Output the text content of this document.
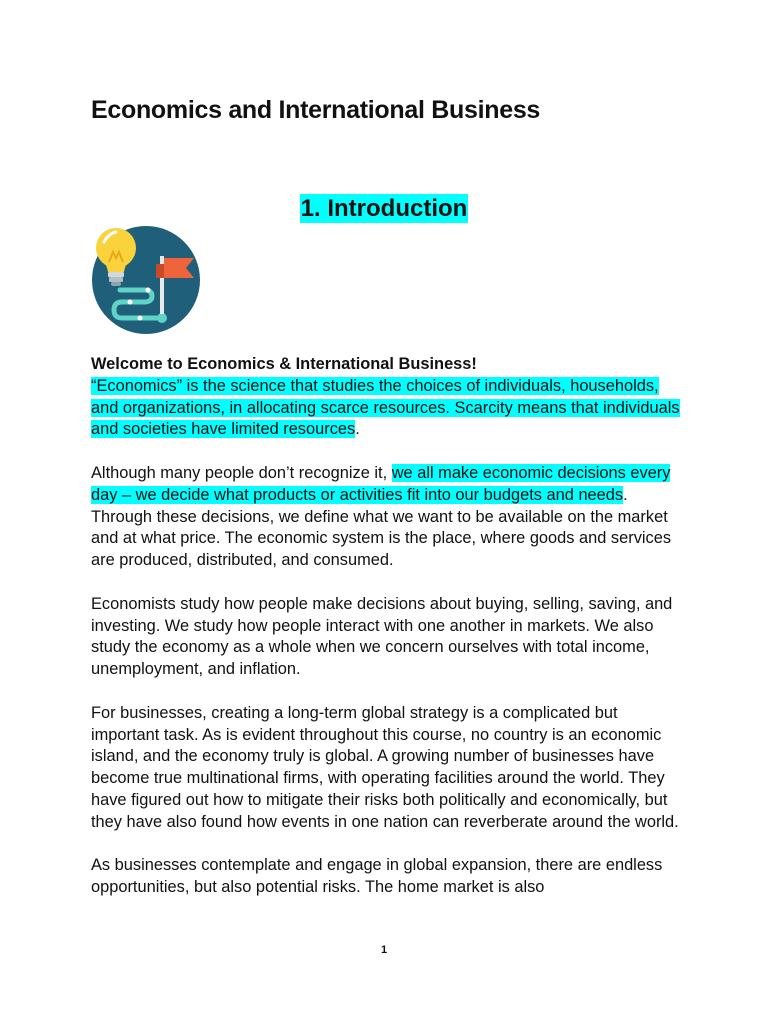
Economics and International Business
1. Introduction

Welcome to Economics & International Business!
“Economics” is the science that studies the choices of individuals, households, and organizations, in allocating scarce resources. Scarcity means that individuals and societies have limited resources.

Although many people don’t recognize it, we all make economic decisions every day – we decide what products or activities fit into our budgets and needs. Through these decisions, we define what we want to be available on the market and at what price. The economic system is the place, where goods and services are produced, distributed, and consumed.

Economists study how people make decisions about buying, selling, saving, and investing. We study how people interact with one another in markets. We also study the economy as a whole when we concern ourselves with total income, unemployment, and inflation.

For businesses, creating a long-term global strategy is a complicated but important task. As is evident throughout this course, no country is an economic island, and the economy truly is global. A growing number of businesses have become true multinational firms, with operating facilities around the world. They have figured out how to mitigate their risks both politically and economically, but they have also found how events in one nation can reverberate around the world.

As businesses contemplate and engage in global expansion, there are endless opportunities, but also potential risks. The home market is also

1
